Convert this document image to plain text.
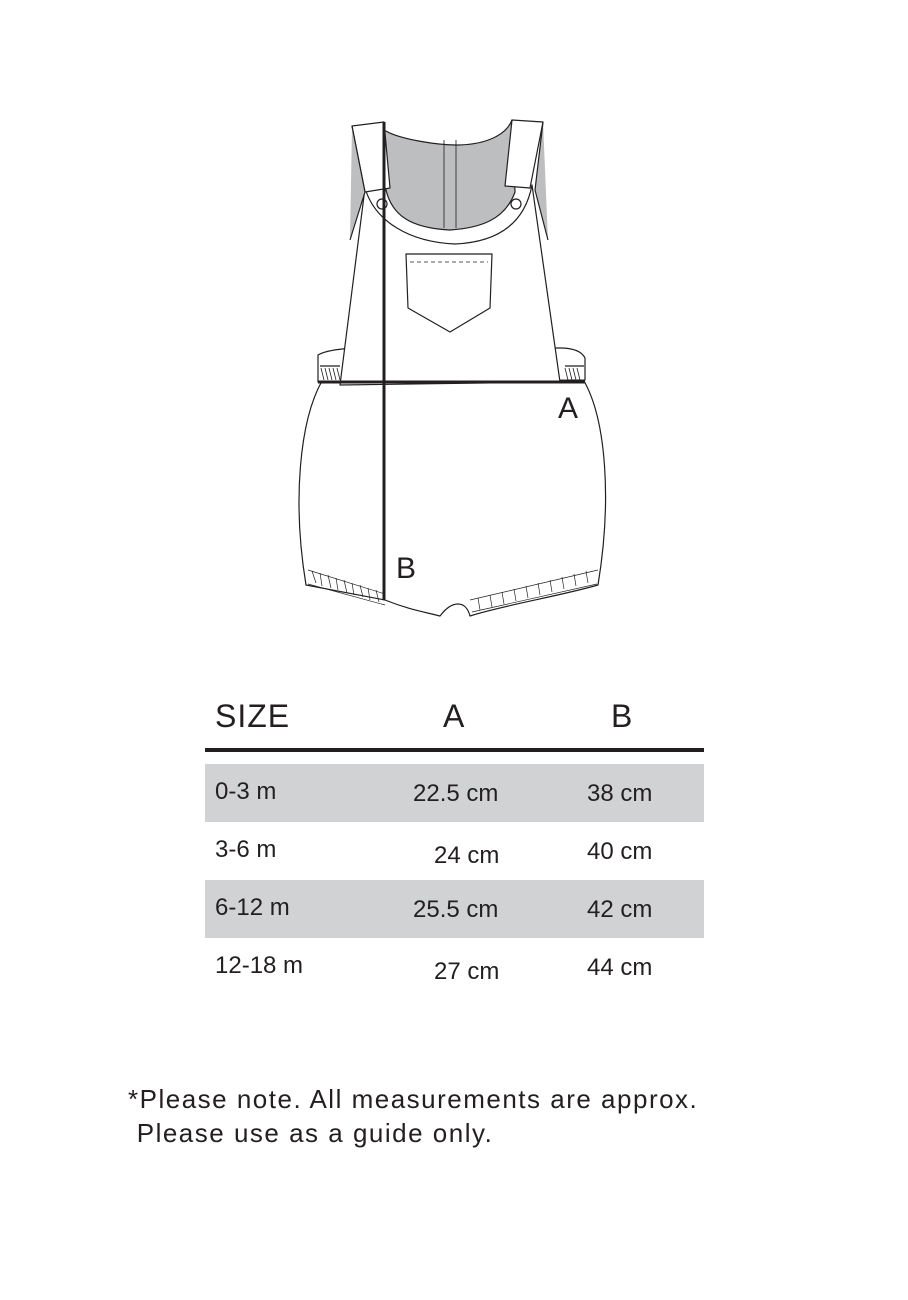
A
B
SIZE	A	B
0-3 m	22.5 cm	38 cm
3-6 m	24 cm	40 cm
6-12 m	25.5 cm	42 cm
12-18 m	27 cm	44 cm
*Please note. All measurements are approx.
Please use as a guide only.
